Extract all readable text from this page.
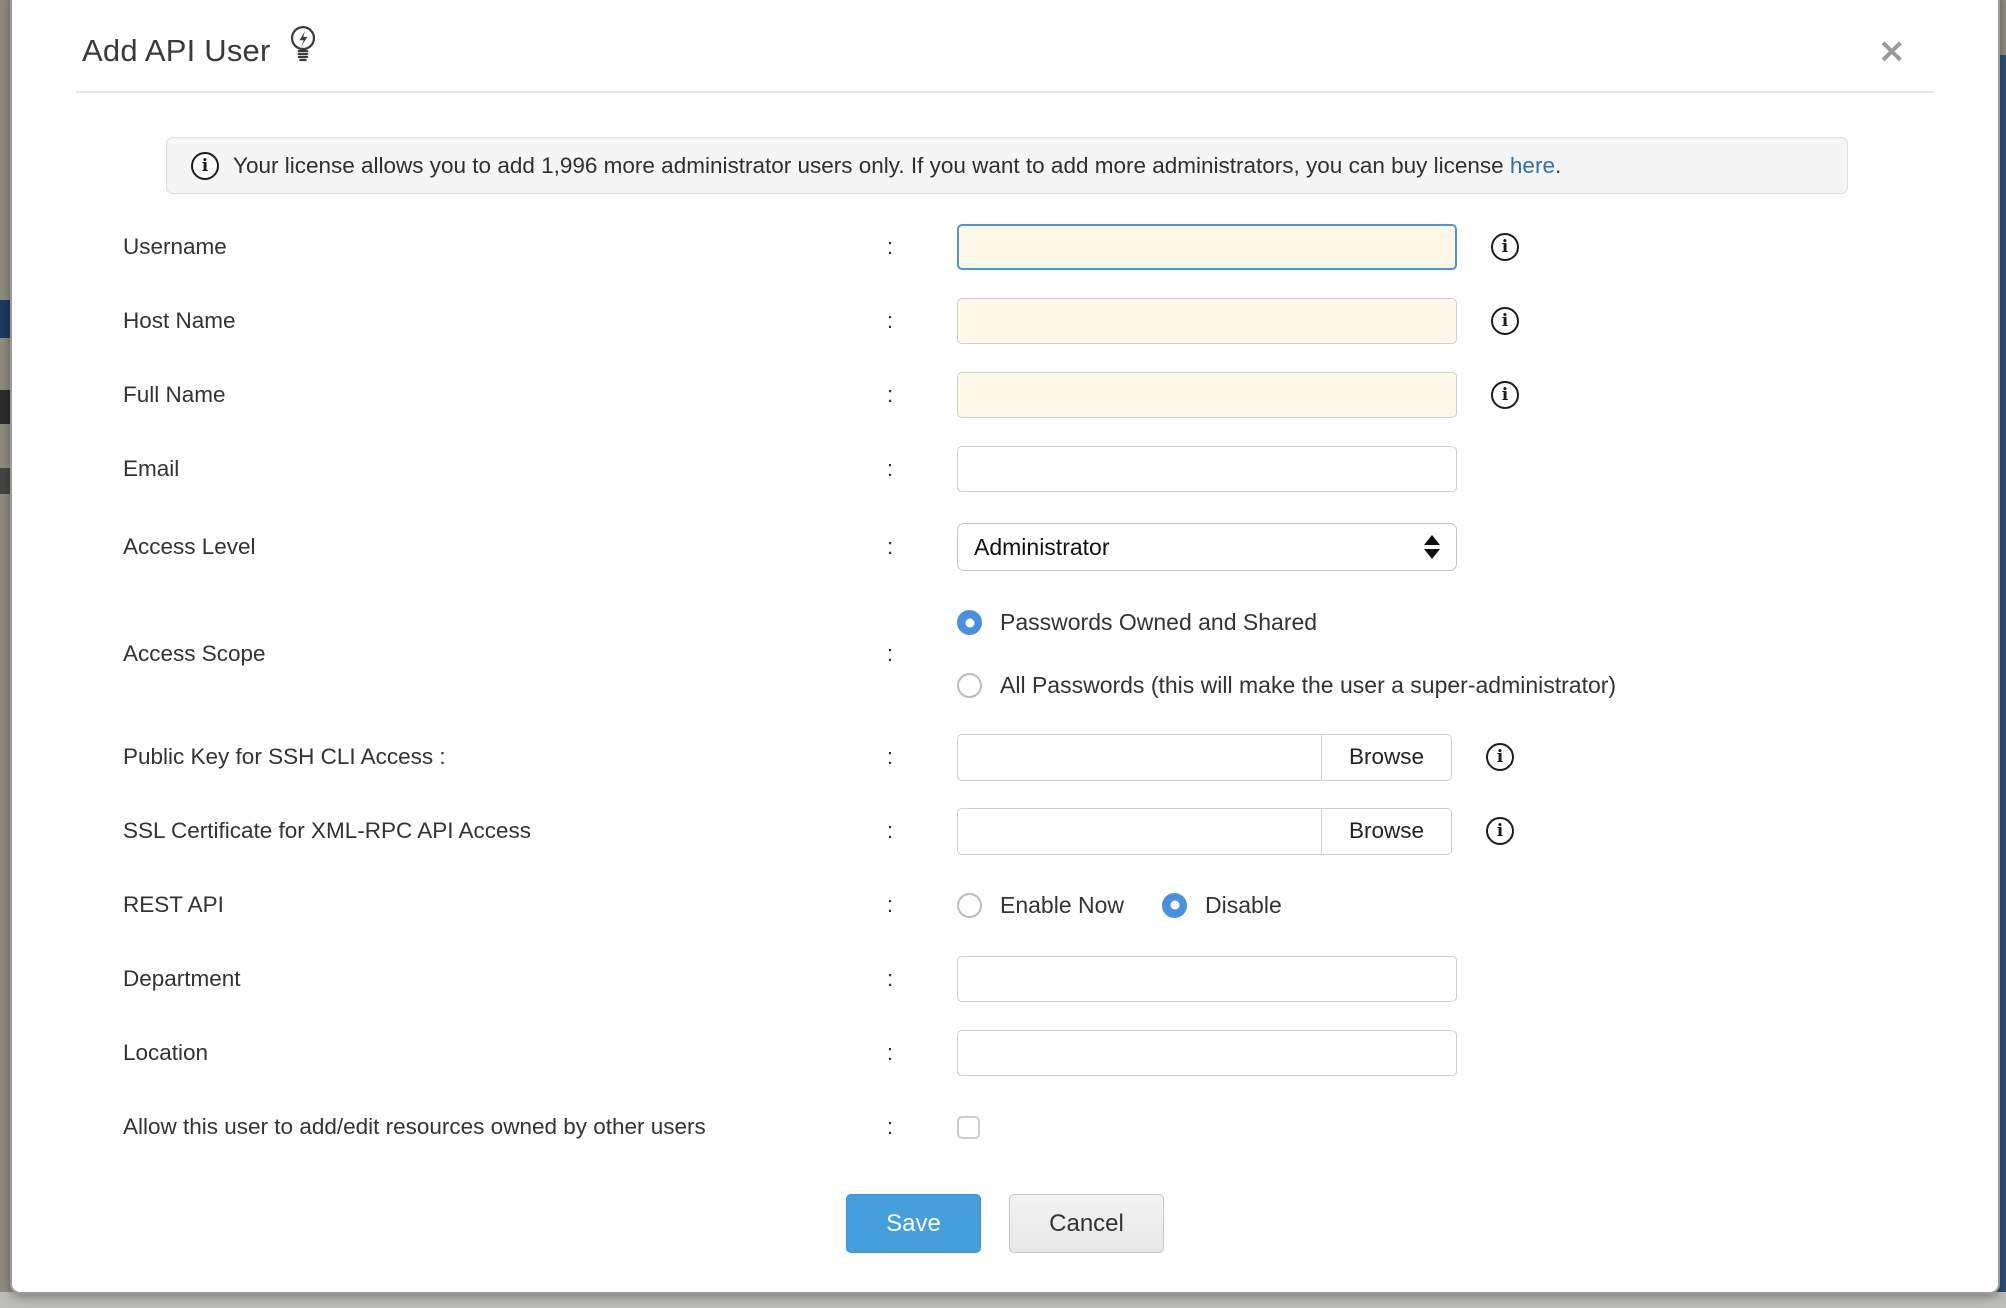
Add API User	×
i	Your license allows you to add 1,996 more administrator users only. If you want to add more administrators, you can buy license here.
Username	:	i
Host Name	:	i
Full Name	:	i
Email	:
Access Level	:	Administrator
Access Scope	:
Passwords Owned and Shared
All Passwords (this will make the user a super-administrator)
Public Key for SSH CLI Access :	:	Browse	i
SSL Certificate for XML-RPC API Access	:	Browse	i
REST API	:	Enable Now	Disable
Department	:
Location	:
Allow this user to add/edit resources owned by other users	:
Save	Cancel
